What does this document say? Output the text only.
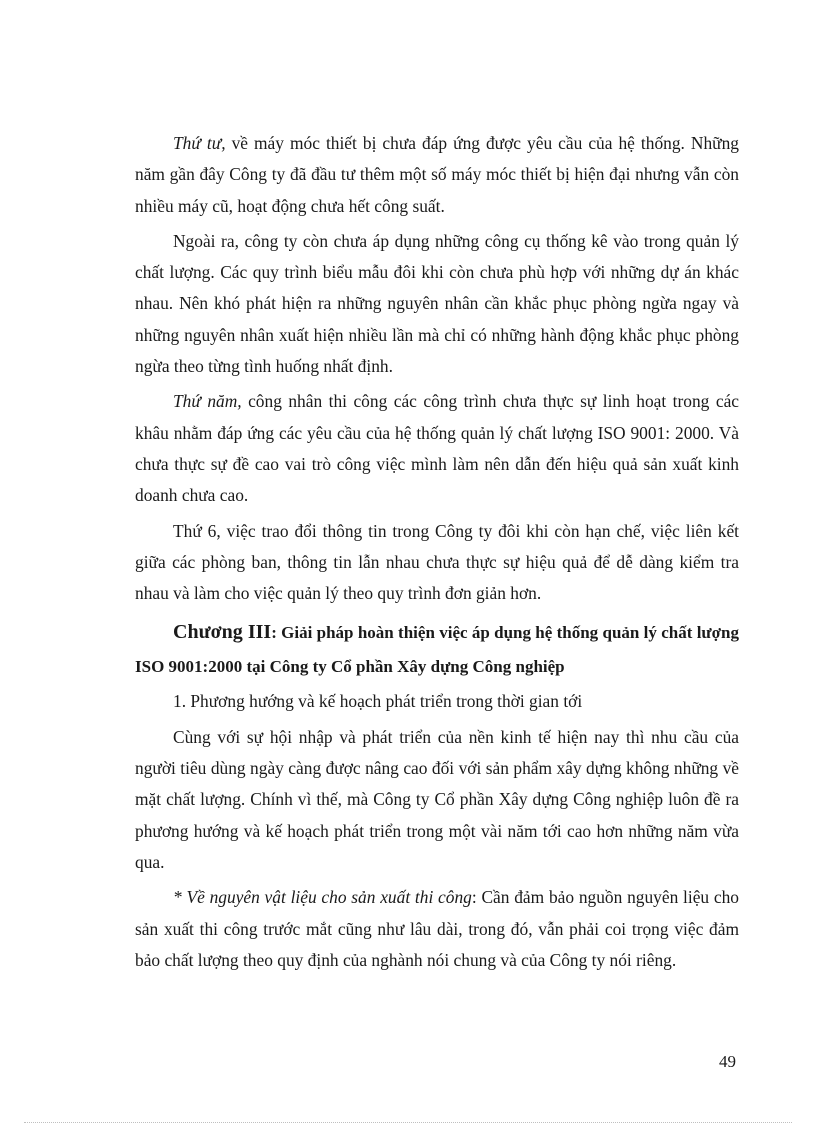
Thứ tư, về máy móc thiết bị chưa đáp ứng được yêu cầu của hệ thống. Những năm gần đây Công ty đã đầu tư thêm một số máy móc thiết bị hiện đại nhưng vẫn còn nhiều máy cũ, hoạt động chưa hết công suất.

Ngoài ra, công ty còn chưa áp dụng những công cụ thống kê vào trong quản lý chất lượng. Các quy trình biểu mẫu đôi khi còn chưa phù hợp với những dự án khác nhau. Nên khó phát hiện ra những nguyên nhân cần khắc phục phòng ngừa ngay và những nguyên nhân xuất hiện nhiều lần mà chỉ có những hành động khắc phục phòng ngừa theo từng tình huống nhất định.

Thứ năm, công nhân thi công các công trình chưa thực sự linh hoạt trong các khâu nhằm đáp ứng các yêu cầu của hệ thống quản lý chất lượng ISO 9001: 2000. Và chưa thực sự đề cao vai trò công việc mình làm nên dẫn đến hiệu quả sản xuất kinh doanh chưa cao.

Thứ 6, việc trao đổi thông tin trong Công ty đôi khi còn hạn chế, việc liên kết giữa các phòng ban, thông tin lẫn nhau chưa thực sự hiệu quả để dễ dàng kiểm tra nhau và làm cho việc quản lý theo quy trình đơn giản hơn.

Chương III: Giải pháp hoàn thiện việc áp dụng hệ thống quản lý chất lượng ISO 9001:2000 tại Công ty Cổ phần Xây dựng Công nghiệp
1. Phương hướng và kế hoạch phát triển trong thời gian tới

Cùng với sự hội nhập và phát triển của nền kinh tế hiện nay thì nhu cầu của người tiêu dùng ngày càng được nâng cao đối với sản phẩm xây dựng không những về mặt chất lượng. Chính vì thế, mà Công ty Cổ phần Xây dựng Công nghiệp luôn đề ra phương hướng và kế hoạch phát triển trong một vài năm tới cao hơn những năm vừa qua.

* Về nguyên vật liệu cho sản xuất thi công: Cần đảm bảo nguồn nguyên liệu cho sản xuất thi công trước mắt cũng như lâu dài, trong đó, vẫn phải coi trọng việc đảm bảo chất lượng theo quy định của nghành nói chung và của Công ty nói riêng.

49
